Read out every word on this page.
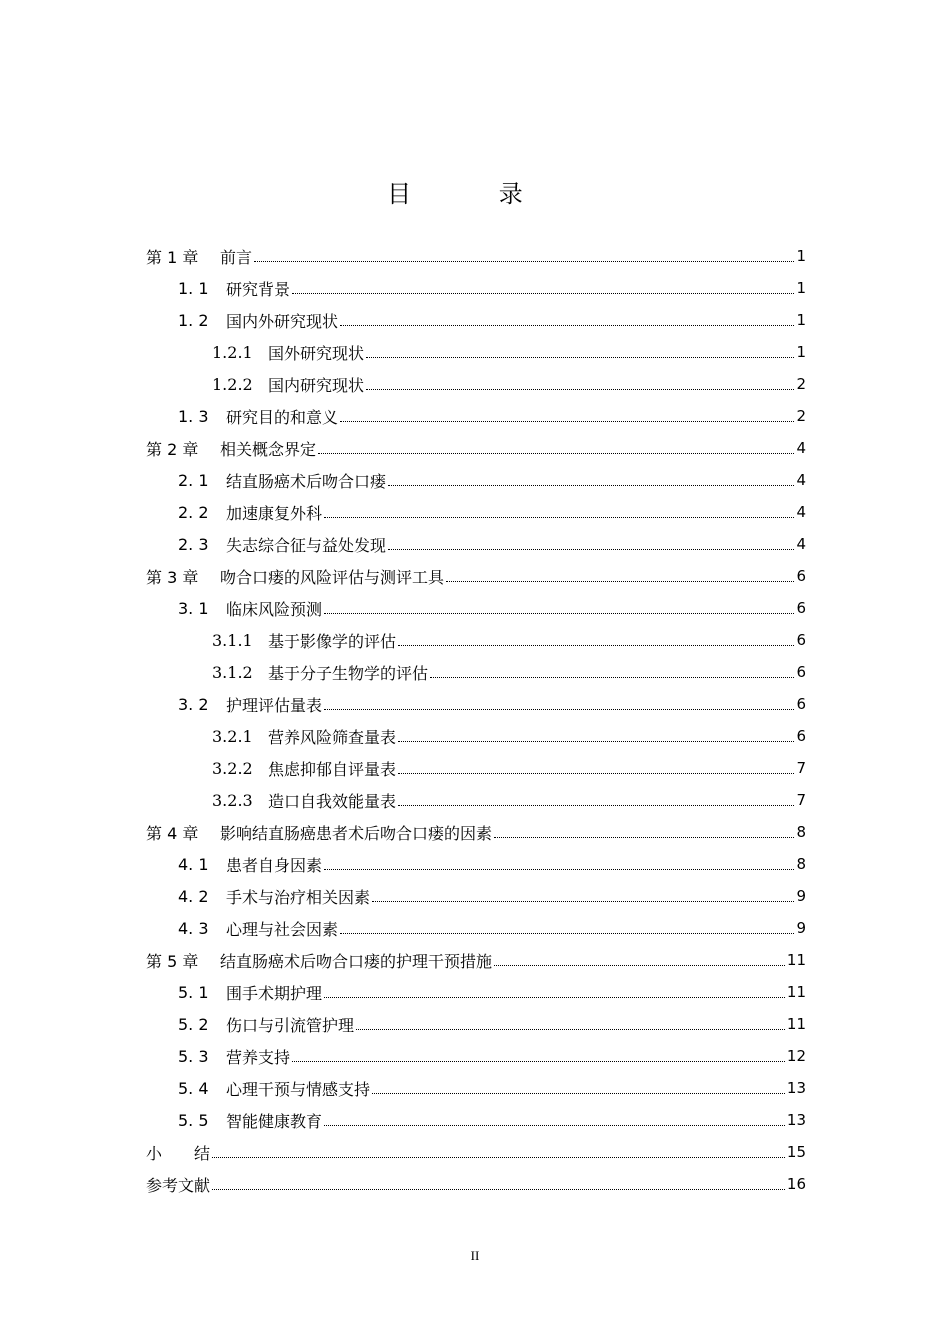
目 录
第 1 章	前言	1
1. 1	研究背景	1
1. 2	国内外研究现状	1
1.2.1 国外研究现状	1
1.2.2 国内研究现状	2
1. 3	研究目的和意义	2
第 2 章	相关概念界定	4
2. 1	结直肠癌术后吻合口瘘	4
2. 2	加速康复外科	4
2. 3	失志综合征与益处发现	4
第 3 章	吻合口瘘的风险评估与测评工具	6
3. 1	临床风险预测	6
3.1.1 基于影像学的评估	6
3.1.2 基于分子生物学的评估	6
3. 2	护理评估量表	6
3.2.1 营养风险筛查量表	6
3.2.2 焦虑抑郁自评量表	7
3.2.3 造口自我效能量表	7
第 4 章	影响结直肠癌患者术后吻合口瘘的因素	8
4. 1	患者自身因素	8
4. 2	手术与治疗相关因素	9
4. 3	心理与社会因素	9
第 5 章	结直肠癌术后吻合口瘘的护理干预措施	11
5. 1	围手术期护理	11
5. 2	伤口与引流管护理	11
5. 3	营养支持	12
5. 4	心理干预与情感支持	13
5. 5	智能健康教育	13
小　　结	15
参考文献	16
II
